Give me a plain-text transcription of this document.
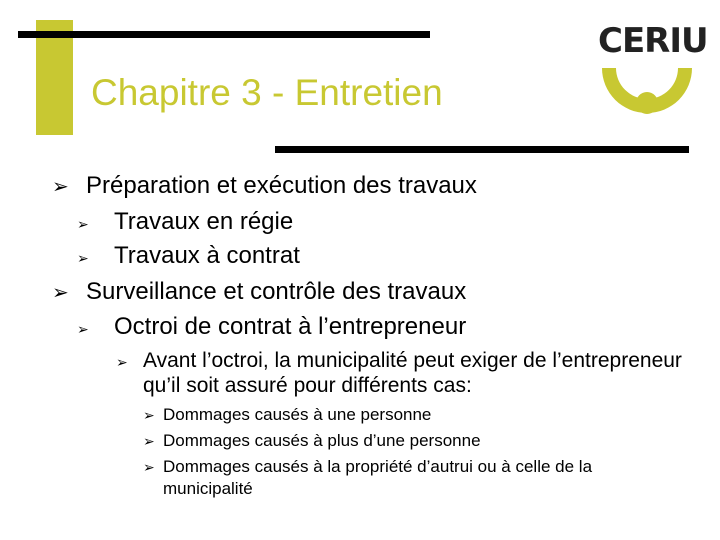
Chapitre 3 - Entretien
CERIU
➢ Préparation et exécution des travaux
➢	Travaux en régie
➢	Travaux à contrat
➢ Surveillance et contrôle des travaux
➢	Octroi de contrat à l’entrepreneur
➢ Avant l’octroi, la municipalité peut exiger de l’entrepreneur qu’il soit assuré pour différents cas:
➢ Dommages causés à une personne
➢ Dommages causés à plus d’une personne
➢ Dommages causés à la propriété d’autrui ou à celle de la municipalité
